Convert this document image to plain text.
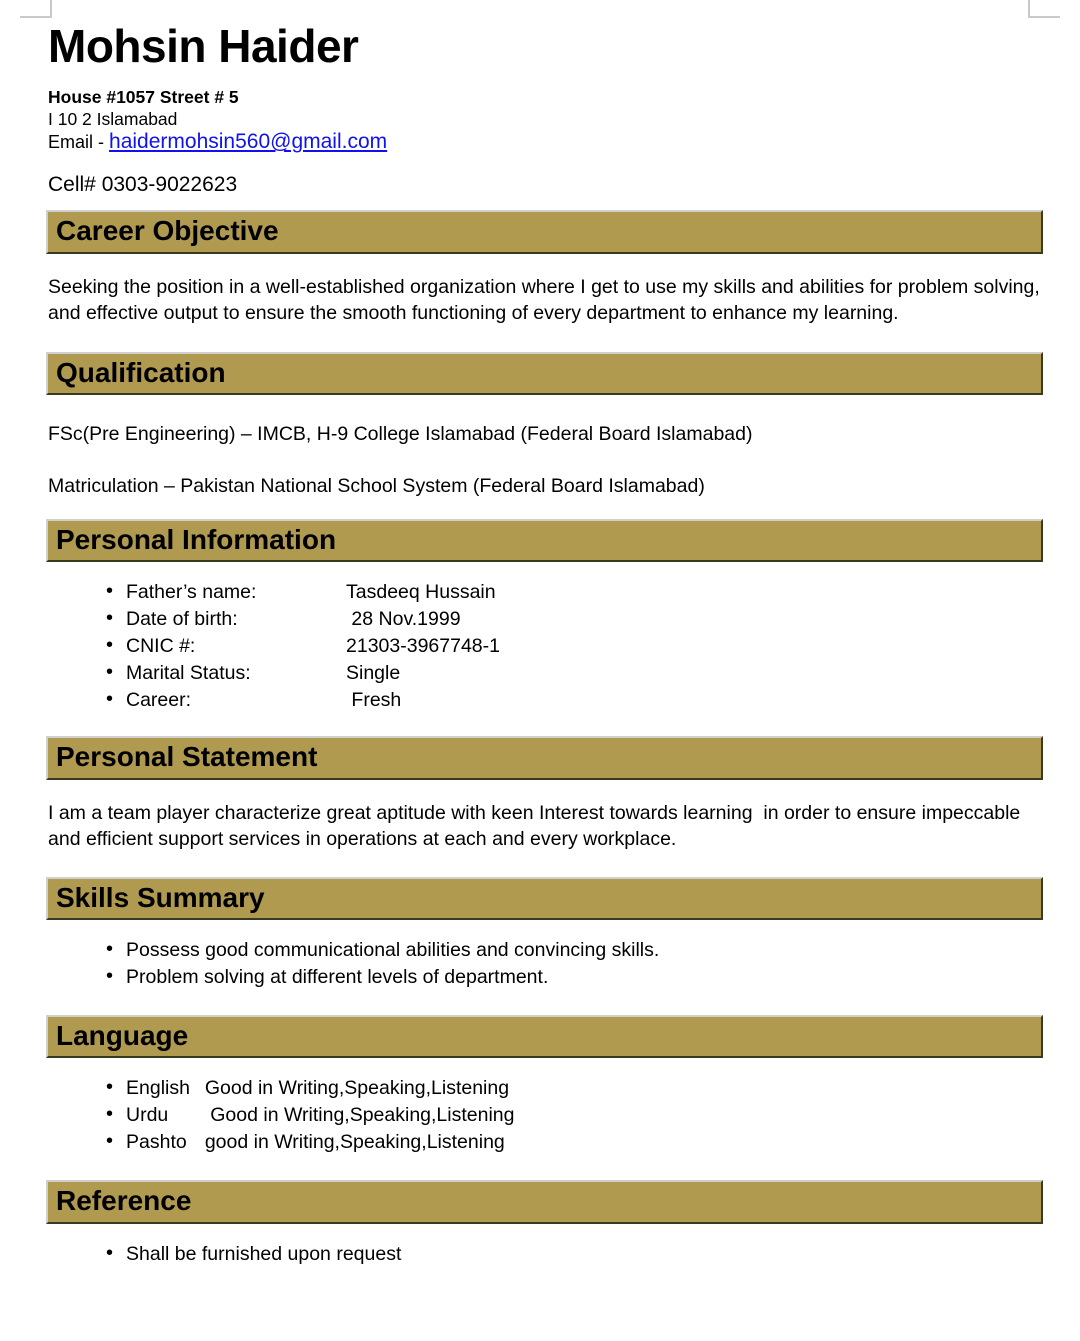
Mohsin Haider
House #1057 Street # 5
I 10 2 Islamabad
Email - haidermohsin560@gmail.com
Cell# 0303-9022623
Career Objective
Seeking the position in a well-established organization where I get to use my skills and abilities for problem solving, and effective output to ensure the smooth functioning of every department to enhance my learning.
Qualification
FSc(Pre Engineering) – IMCB, H-9 College Islamabad (Federal Board Islamabad)
Matriculation – Pakistan National School System (Federal Board Islamabad)
Personal Information
• Father’s name:	Tasdeeq Hussain
• Date of birth:	28 Nov.1999
• CNIC #:	21303-3967748-1
• Marital Status:	Single
• Career:	Fresh
Personal Statement
I am a team player characterize great aptitude with keen Interest towards learning  in order to ensure impeccable and efficient support services in operations at each and every workplace.
Skills Summary
• Possess good communicational abilities and convincing skills.
• Problem solving at different levels of department.
Language
• English  Good in Writing,Speaking,Listening
• Urdu   Good in Writing,Speaking,Listening
• Pashto  good in Writing,Speaking,Listening
Reference
• Shall be furnished upon request
